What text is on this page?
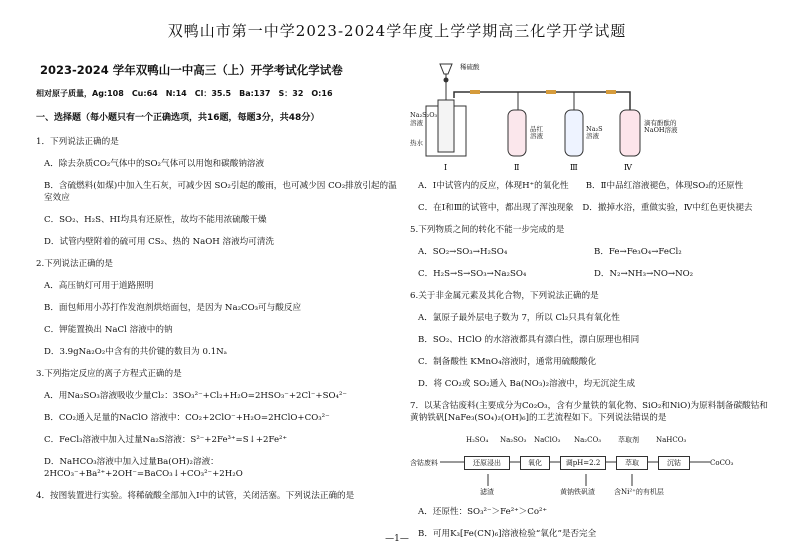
双鸭山市第一中学2023-2024学年度上学学期高三化学开学试题
2023-2024 学年双鸭山一中高三（上）开学考试化学试卷
相对原子质量，Ag:108　Cu:64　N:14　Cl：35.5　Ba:137　S：32　O:16
一、选择题（每小题只有一个正确选项，共16题，每题3分，共48分）
1．下列说法正确的是
A．除去杂质CO₂气体中的SO₂气体可以用饱和碳酸钠溶液
B．含硫燃料(如煤)中加入生石灰，可减少因 SO₂引起的酸雨，也可减少因 CO₂排放引起的温室效应
C．SO₂、H₂S、HI均具有还原性，故均不能用浓硫酸干燥
D．试管内壁附着的硫可用 CS₂、热的 NaOH 溶液均可清洗
2.下列说法正确的是
A．高压钠灯可用于道路照明
B．面包师用小苏打作发泡剂烘焙面包，是因为 Na₂CO₃可与酸反应
C．钾能置换出 NaCl 溶液中的钠
D．3.9gNa₂O₂中含有的共价键的数目为 0.1Nₐ
3.下列指定反应的离子方程式正确的是
A．用Na₂SO₃溶液吸收少量Cl₂：3SO₃²⁻+Cl₂+H₂O=2HSO₃⁻+2Cl⁻+SO₄²⁻
B．CO₂通入足量的NaClO 溶液中：CO₂+2ClO⁻+H₂O=2HClO+CO₃²⁻
C．FeCl₃溶液中加入过量Na₂S溶液：S²⁻+2Fe³⁺=S↓+2Fe²⁺
D．NaHCO₃溶液中加入过量Ba(OH)₂溶液：2HCO₃⁻+Ba²⁺+2OH⁻=BaCO₃↓+CO₃²⁻+2H₂O
4．按图装置进行实验。将稀硫酸全部加入Ⅰ中的试管，关闭活塞。下列说法正确的是
Ⅰ	Ⅱ	Ⅲ	Ⅳ
稀硫酸
Na₂S₂O₃
溶液
热水
品红溶液
Na₂S溶液
滴有酚酞的NaOH溶液
A．Ⅰ中试管内的反应，体现H⁺的氧化性　　B．Ⅱ中品红溶液褪色，体现SO₂的还原性
C．在Ⅰ和Ⅲ的试管中，都出现了浑浊现象　D．撤掉水浴，重做实验，Ⅳ中红色更快褪去
5.下列物质之间的转化不能一步完成的是
A．SO₂→SO₃→H₂SO₄	B．Fe→Fe₃O₄→FeCl₂
C．H₂S→S→SO₃→Na₂SO₄	D．N₂→NH₃→NO→NO₂
6.关于非金属元素及其化合物，下列说法正确的是
A．氯原子最外层电子数为 7，所以 Cl₂只具有氧化性
B．SO₂、HClO 的水溶液都具有漂白性，漂白原理也相同
C．制备酸性 KMnO₄溶液时，通常用硫酸酸化
D．将 CO₂或 SO₂通入 Ba(NO₃)₂溶液中，均无沉淀生成
7．以某含钴废料(主要成分为Co₂O₃，含有少量铁的氧化物、SiO₂和NiO)为原料制备碳酸钴和黄钠铁矾[NaFe₃(SO₄)₂(OH)₆]的工艺流程如下。下列说法错误的是
H₂SO₄ Na₂SO₃ NaClO₃ Na₂CO₃ 萃取剂 NaHCO₃
含钴废料	还原浸出	氧化	调pH=2.2	萃取	沉钴	CoCO₃
滤渣	黄钠铁矾渣	含Ni²⁺的有机层
A．还原性：SO₃²⁻＞Fe²⁺＞Co²⁺
B．可用K₃[Fe(CN)₆]溶液检验“氧化”是否完全
—1—
